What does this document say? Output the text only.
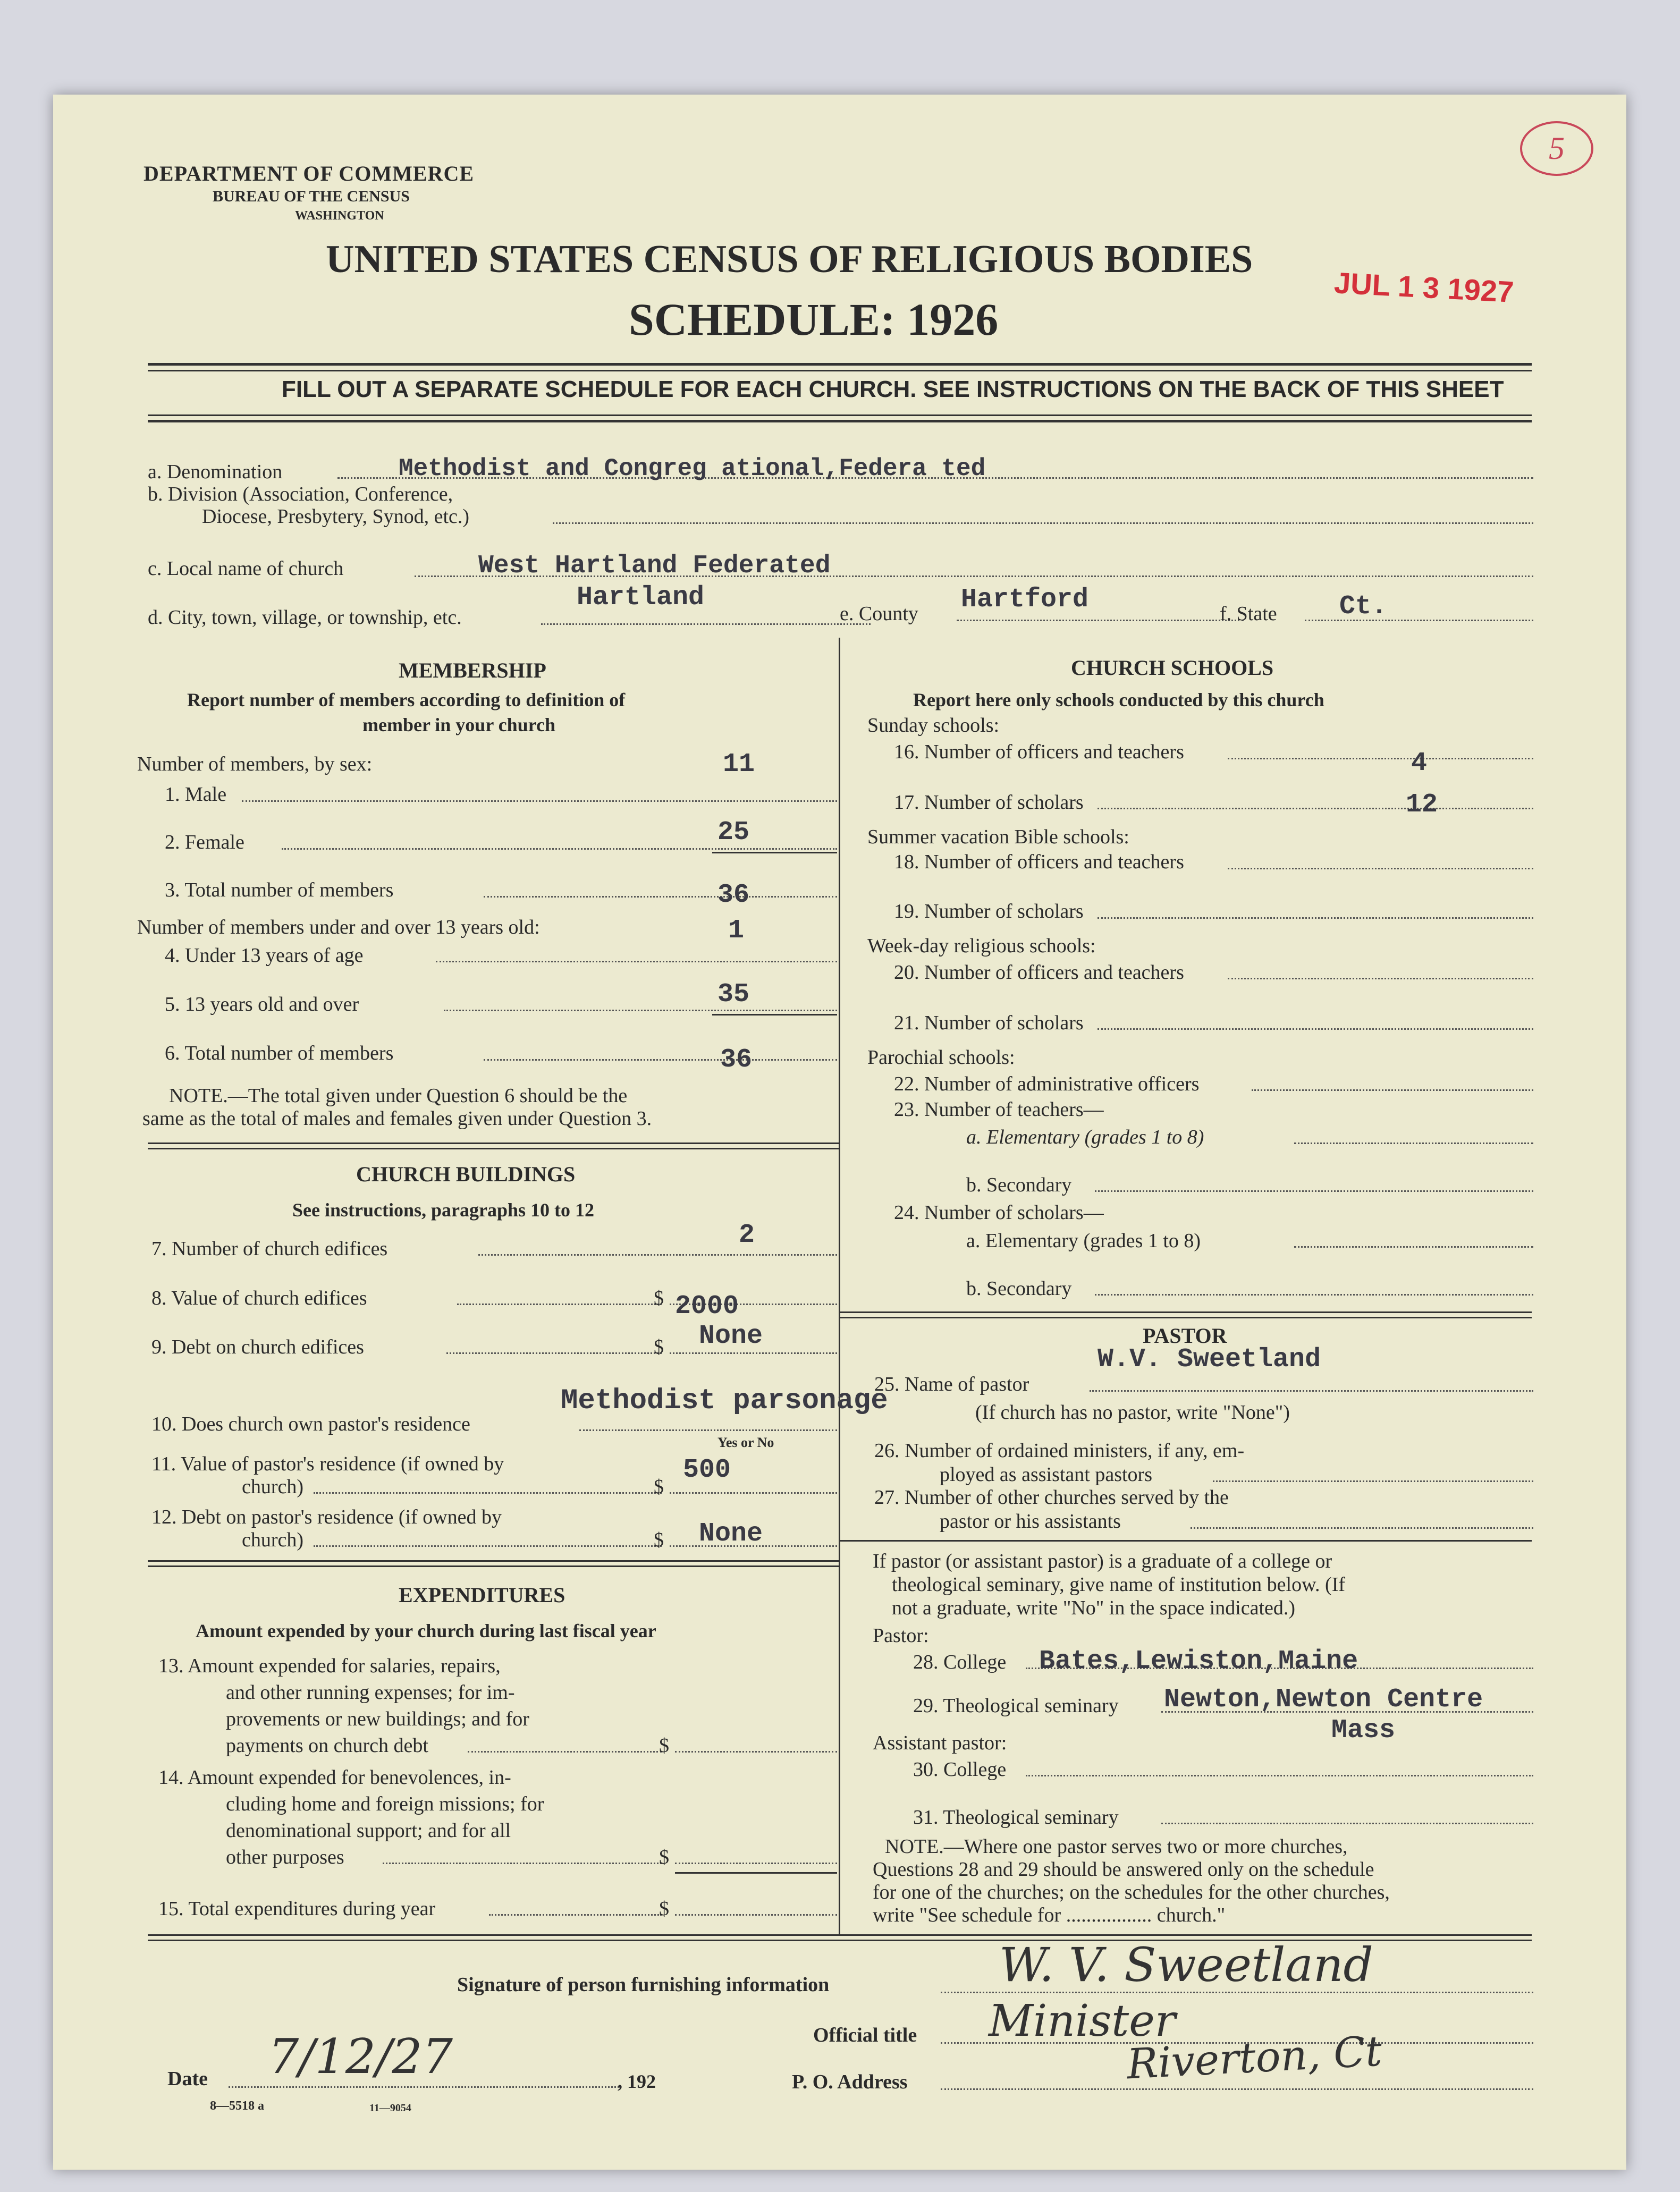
DEPARTMENT OF COMMERCE
BUREAU OF THE CENSUS
WASHINGTON
UNITED STATES CENSUS OF RELIGIOUS BODIES
SCHEDULE: 1926
JUL 1 3 1927
5
FILL OUT A SEPARATE SCHEDULE FOR EACH CHURCH. SEE INSTRUCTIONS ON THE BACK OF THIS SHEET
a. Denomination	Methodist and Congreg ational,Federa ted
b. Division (Association, Conference,
Diocese, Presbytery, Synod, etc.)
c. Local name of church	West Hartland Federated
d. City, town, village, or township, etc.
Hartland
e. County Hartford	f. State Ct.
MEMBERSHIP
Report number of members according to definition of
member in your church
Number of members, by sex:
1. Male
11
2. Female	25
3. Total number of members	36
Number of members under and over 13 years old:
4. Under 13 years of age
1
5. 13 years old and over	35
6. Total number of members	36
NOTE.—The total given under Question 6 should be the
same as the total of males and females given under Question 3.
CHURCH BUILDINGS
See instructions, paragraphs 10 to 12
7. Number of church edifices	2
8. Value of church edifices	$ 2000
9. Debt on church edifices	$ None
10. Does church own pastor's residence
Methodist parsonage
Yes or No
11. Value of pastor's residence (if owned by
church)	$
500
12. Debt on pastor's residence (if owned by
church)	$ None
EXPENDITURES
Amount expended by your church during last fiscal year
13. Amount expended for salaries, repairs,
and other running expenses; for im-
provements or new buildings; and for
payments on church debt	$
14. Amount expended for benevolences, in-
cluding home and foreign missions; for
denominational support; and for all
other purposes	$
15. Total expenditures during year	$
CHURCH SCHOOLS
Report here only schools conducted by this church
Sunday schools:
16. Number of officers and teachers	4
17. Number of scholars	12
Summer vacation Bible schools:
18. Number of officers and teachers
19. Number of scholars
Week-day religious schools:
20. Number of officers and teachers
21. Number of scholars
Parochial schools:
22. Number of administrative officers
23. Number of teachers—
a. Elementary (grades 1 to 8)
b. Secondary
24. Number of scholars—
a. Elementary (grades 1 to 8)
b. Secondary
PASTOR
W.V. Sweetland
25. Name of pastor
(If church has no pastor, write "None")
26. Number of ordained ministers, if any, em-
ployed as assistant pastors
27. Number of other churches served by the
pastor or his assistants
If pastor (or assistant pastor) is a graduate of a college or
theological seminary, give name of institution below. (If
not a graduate, write "No" in the space indicated.)
Pastor:
28. College Bates,Lewiston,Maine
29. Theological seminary Newton,Newton Centre
Mass
Assistant pastor:
30. College
31. Theological seminary
NOTE.—Where one pastor serves two or more churches,
Questions 28 and 29 should be answered only on the schedule
for one of the churches; on the schedules for the other churches,
write "See schedule for ................. church."
Signature of person furnishing information	W. V. Sweetland
Official title Minister
P. O. Address	Riverton, Ct
Date 7/12/27	, 192
8—5518 a	11—9054
